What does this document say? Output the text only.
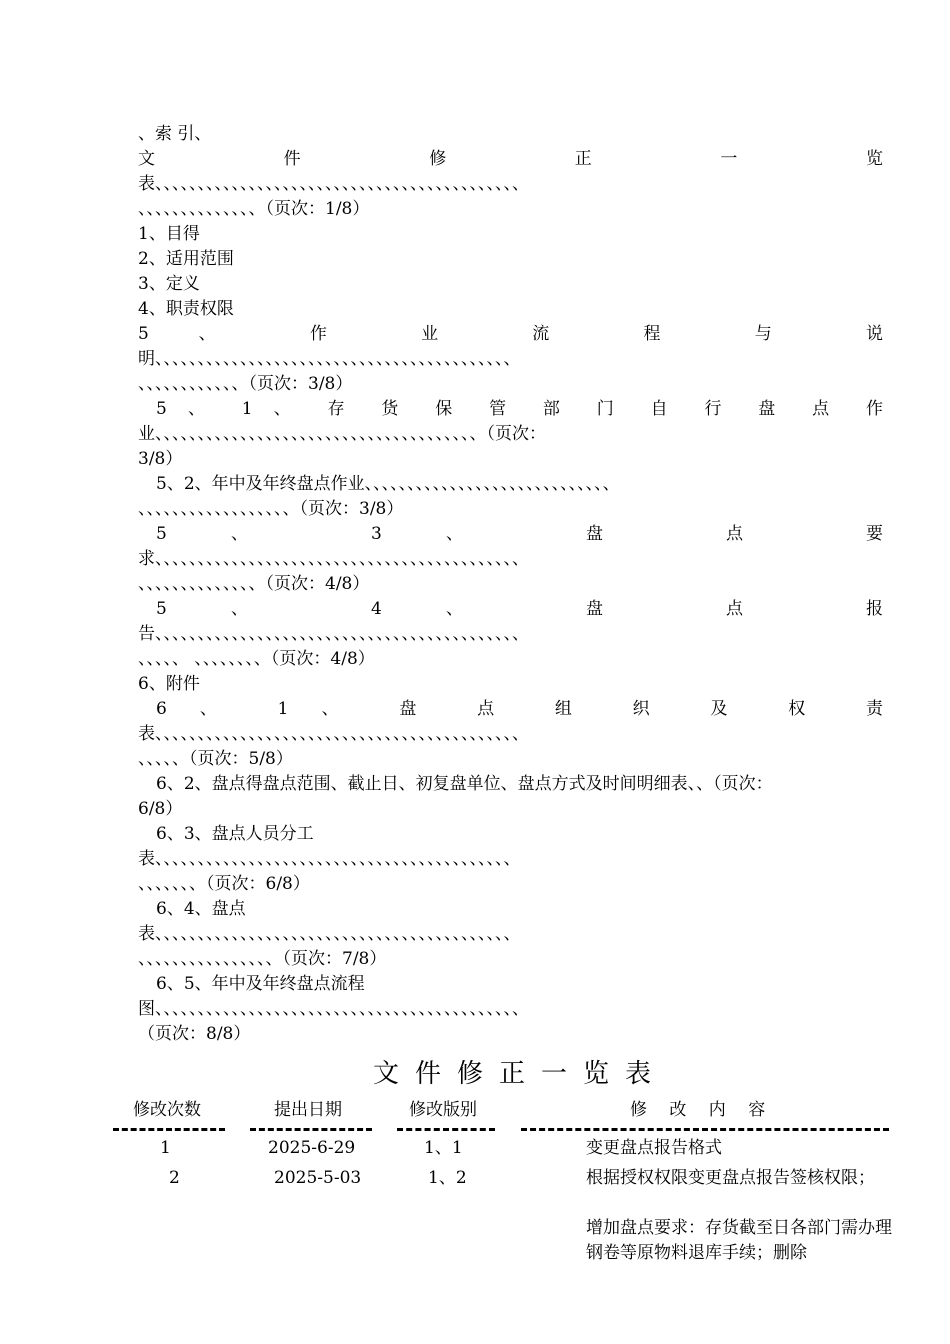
、索 引、
文 件 修 正 一 览
表、、、、、、、、、、、、、、、、、、、、、、、、、、、、、、、、、、、、、、、、、、、
、、、、、、、、、、、、、、（页次：1/8）
1、目得
2、适用范围
3、定义
4、职责权限
5 、 作 业 流 程 与 说
明、、、、、、、、、、、、、、、、、、、、、、、、、、、、、、、、、、、、、、、、、、
、、、、、、、、、、、、（页次：3/8）
5 、 1 、 存 货 保 管 部 门 自 行 盘 点 作
业、、、、、、、、、、、、、、、、、、、、、、、、、、、、、、、、、、、、、、（页次：
3/8）
5、2、年中及年终盘点作业、、、、、、、、、、、、、、、、、、、、、、、、、、、、、
、、、、、、、、、、、、、、、、、、（页次：3/8）
5 、 3 、 盘 点 要
求、、、、、、、、、、、、、、、、、、、、、、、、、、、、、、、、、、、、、、、、、、、
、、、、、、、、、、、、、、（页次：4/8）
5 、 4 、 盘 点 报
告、、、、、、、、、、、、、、、、、、、、、、、、、、、、、、、、、、、、、、、、、、、
、、、、、 、、、、、、、、（页次：4/8）
6、附件
6 、 1 、 盘 点 组 织 及 权 责
表、、、、、、、、、、、、、、、、、、、、、、、、、、、、、、、、、、、、、、、、、、、
、、、、、（页次：5/8）
6、2、盘点得盘点范围、截止日、初复盘单位、盘点方式及时间明细表、、（页次：
6/8）
6、3、盘点人员分工
表、、、、、、、、、、、、、、、、、、、、、、、、、、、、、、、、、、、、、、、、、、
、、、、、、、（页次：6/8）
6、4、盘点
表、、、、、、、、、、、、、、、、、、、、、、、、、、、、、、、、、、、、、、、、、、
、、、、、、、、、、、、、、、、（页次：7/8）
6、5、年中及年终盘点流程
图、、、、、、、、、、、、、、、、、、、、、、、、、、、、、、、、、、、、、、、、、、、
（页次：8/8）
文件修正一览表
修改次数	提出日期	修改版别	修　 改　 内　 容
1	2025-6-29	1、1	变更盘点报告格式
2	2025-5-03	1、2	根据授权权限变更盘点报告签核权限；
增加盘点要求：存货截至日各部门需办理钢卷等原物料退库手续；删除
